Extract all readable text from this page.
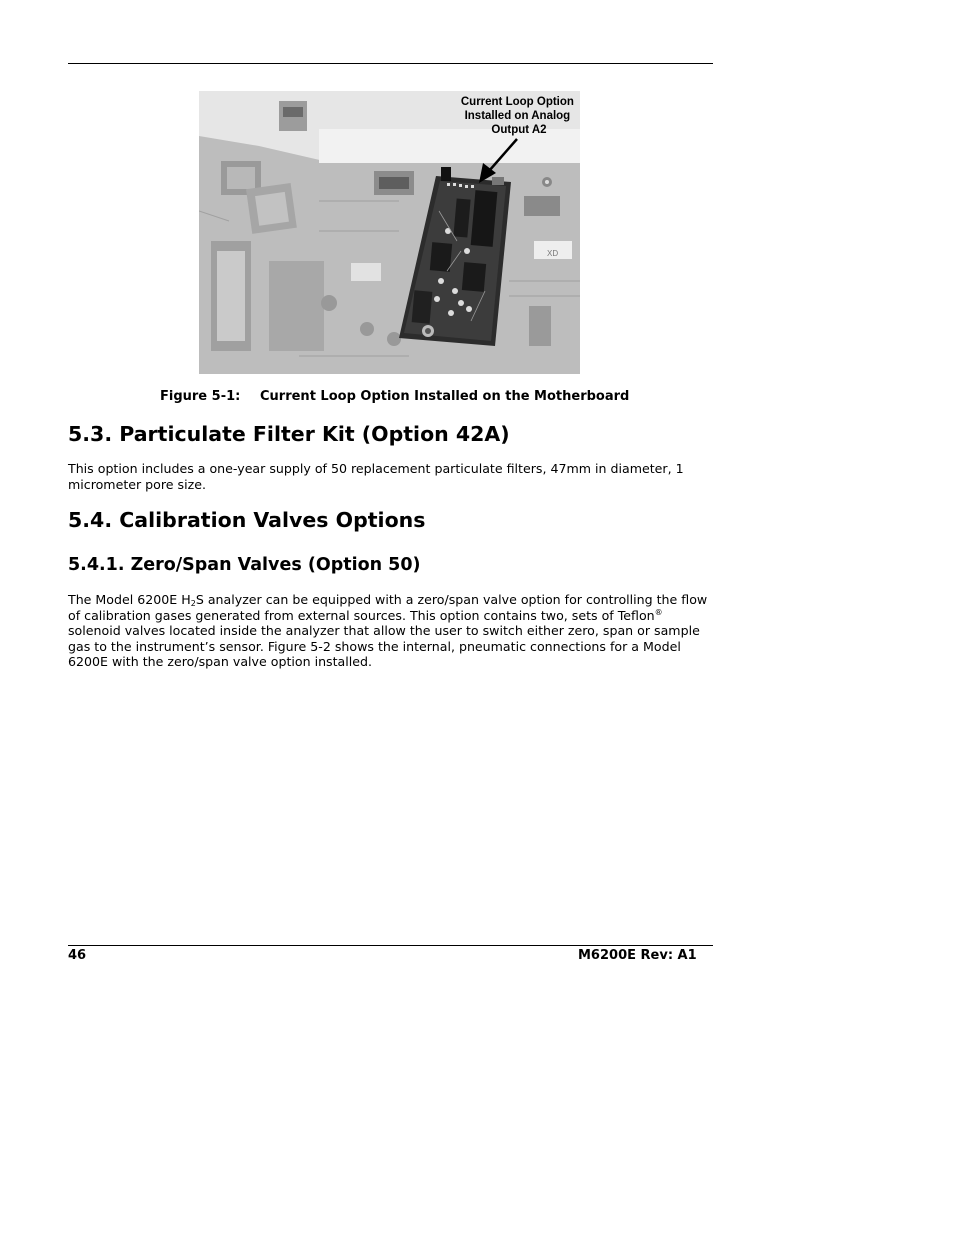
XD
Current Loop Option Installed on Analog Output A2
Figure 5-1: Current Loop Option Installed on the Motherboard
5.3. Particulate Filter Kit (Option 42A)

This option includes a one-year supply of 50 replacement particulate filters, 47mm in diameter, 1 micrometer pore size.

5.4. Calibration Valves Options
5.4.1. Zero/Span Valves (Option 50)

The Model 6200E $H_2S$ analyzer can be equipped with a zero/span valve option for controlling the flow of calibration gases generated from external sources. This option contains two, sets of Teflon® solenoid valves located inside the analyzer that allow the user to switch either zero, span or sample gas to the instrument’s sensor. Figure 5-2 shows the internal, pneumatic connections for a Model 6200E with the zero/span valve option installed.

46	M6200E Rev: A1
